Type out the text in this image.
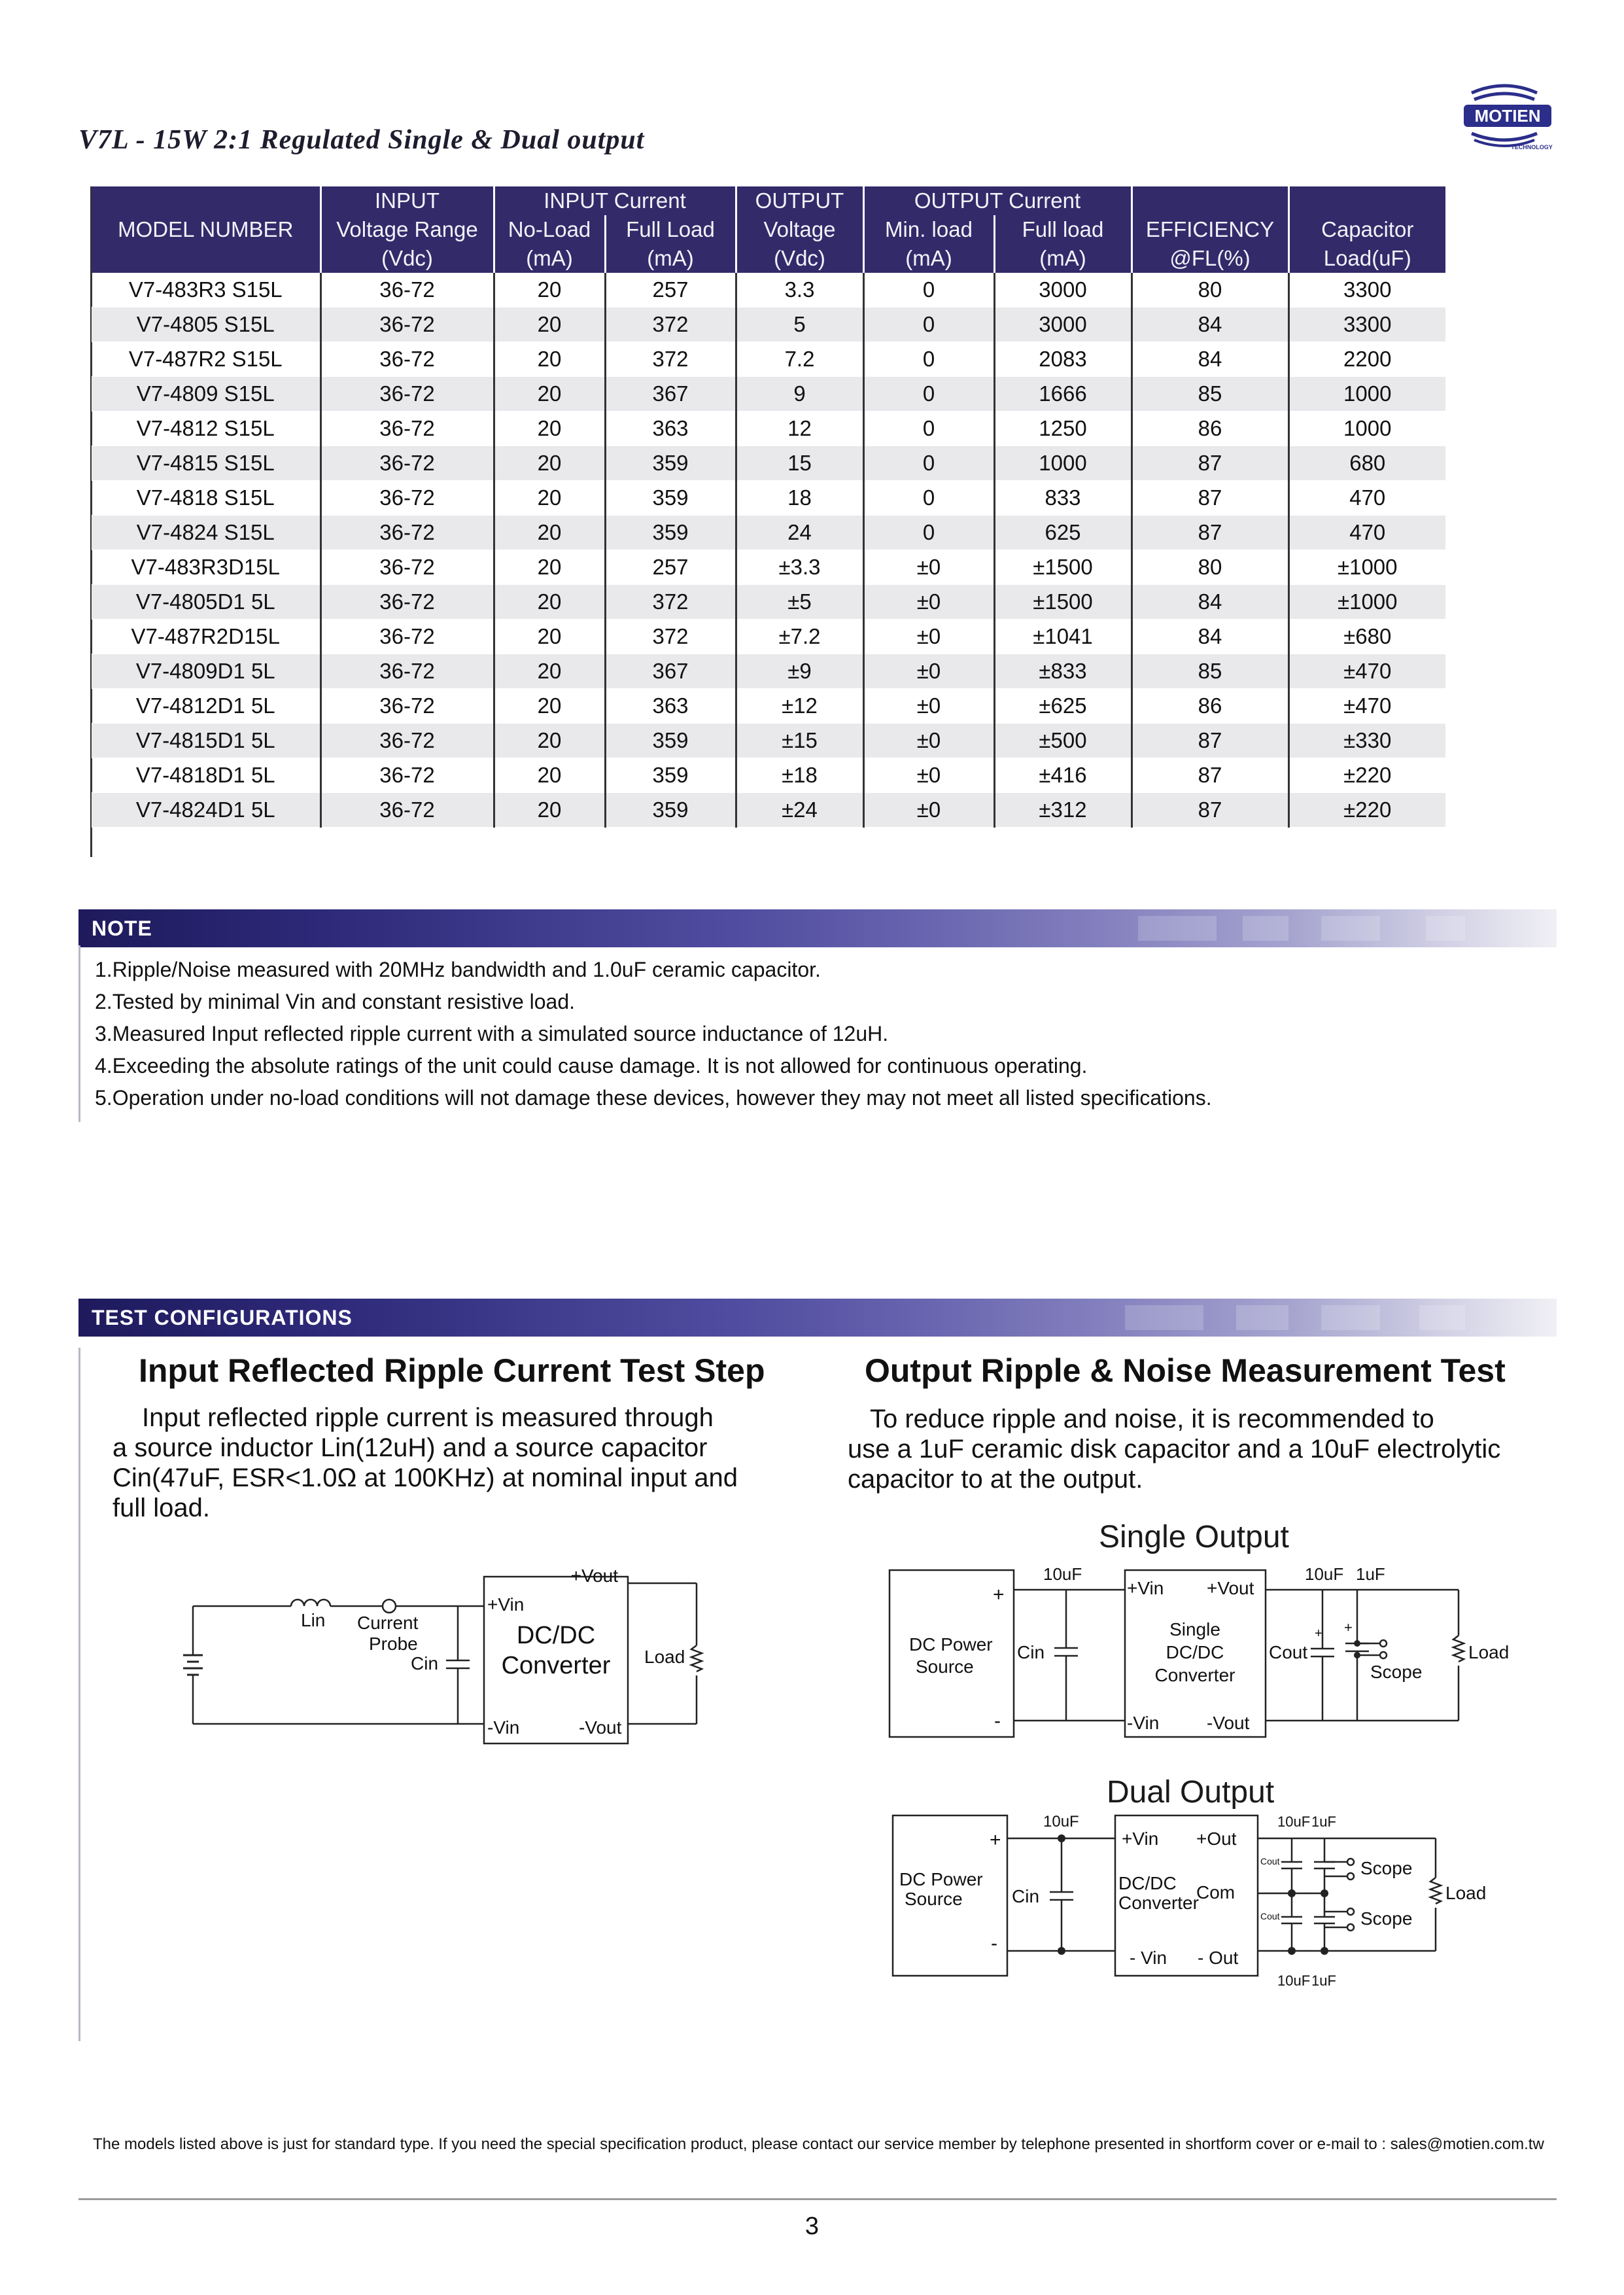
V7L - 15W 2:1 Regulated Single & Dual output
MOTIEN
TECHNOLOGY
	INPUT	INPUT Current		OUTPUT	OUTPUT Current			
MODEL NUMBER	Voltage Range	No-Load	Full Load	Voltage	Min. load	Full load	EFFICIENCY	Capacitor
	(Vdc)	(mA)	(mA)	(Vdc)	(mA)	(mA)	@FL(%)	Load(uF)
V7-483R3 S15L	36-72	20	257	3.3	0	3000	80	3300
V7-4805 S15L	36-72	20	372	5	0	3000	84	3300
V7-487R2 S15L	36-72	20	372	7.2	0	2083	84	2200
V7-4809 S15L	36-72	20	367	9	0	1666	85	1000
V7-4812 S15L	36-72	20	363	12	0	1250	86	1000
V7-4815 S15L	36-72	20	359	15	0	1000	87	680
V7-4818 S15L	36-72	20	359	18	0	833	87	470
V7-4824 S15L	36-72	20	359	24	0	625	87	470
V7-483R3D15L	36-72	20	257	±3.3	±0	±1500	80	±1000
V7-4805D1 5L	36-72	20	372	±5	±0	±1500	84	±1000
V7-487R2D15L	36-72	20	372	±7.2	±0	±1041	84	±680
V7-4809D1 5L	36-72	20	367	±9	±0	±833	85	±470
V7-4812D1 5L	36-72	20	363	±12	±0	±625	86	±470
V7-4815D1 5L	36-72	20	359	±15	±0	±500	87	±330
V7-4818D1 5L	36-72	20	359	±18	±0	±416	87	±220
V7-4824D1 5L	36-72	20	359	±24	±0	±312	87	±220
NOTE
1.Ripple/Noise measured with 20MHz bandwidth and 1.0uF ceramic capacitor.
2.Tested by minimal Vin and constant resistive load.
3.Measured Input reflected ripple current with a simulated source inductance of 12uH.
4.Exceeding the absolute ratings of the unit could cause damage. It is not allowed for continuous operating.
5.Operation under no-load conditions will not damage these devices, however they may not meet all listed specifications.
TEST CONFIGURATIONS
Input Reflected Ripple Current Test Step
Input reflected ripple current is measured through
a source inductor Lin(12uH) and a source capacitor
Cin(47uF, ESR<1.0Ω at 100KHz) at nominal input and
full load.
Output Ripple & Noise Measurement Test
To reduce ripple and noise, it is recommended to
use a 1uF ceramic disk capacitor and a 10uF electrolytic
capacitor to at the output.
+Vout
+Vin
Lin Current
Probe
Cin
DC/DC
Converter Load
-Vin	-Vout
Single Output
+
-
DC Power
Source
Cin
10uF
+Vin +Vout
Single
DC/DC
Converter
-Vin	-Vout
10uF 1uF
+ +
Cout
Scope
Load
Dual Output
+
-
DC Power
Source	Cin
10uF
+Vin +Out
DC/DC
Converter
Com
- Vin - Out
10uF 1uF
10uF 1uF
Cout
Cout
Scope
Scope
Load
The models listed above is just for standard type. If you need the special specification product, please contact our service member by telephone presented in shortform cover or e-mail to : sales@motien.com.tw
3
